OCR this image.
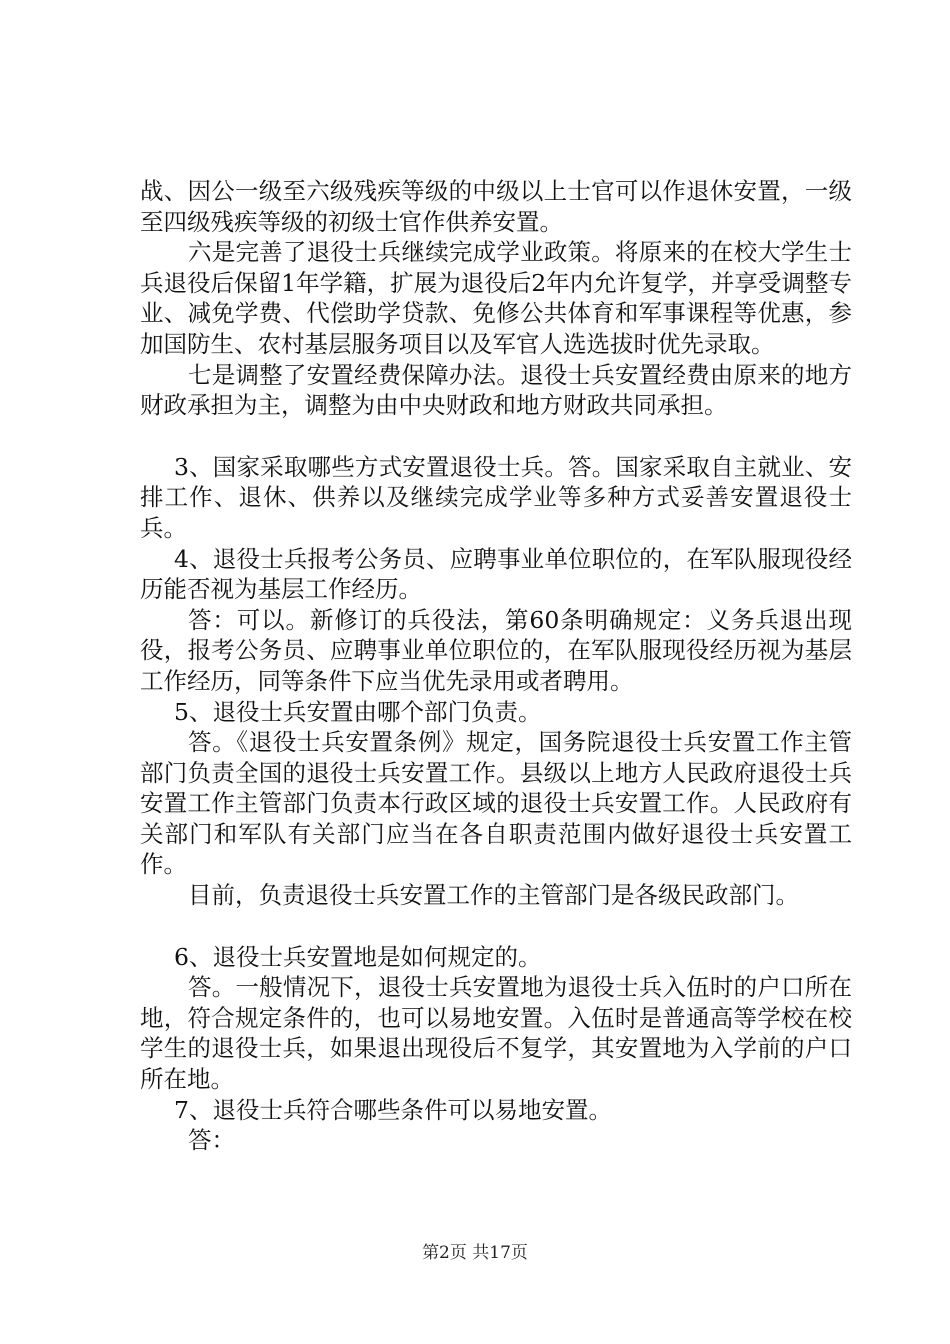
战、因公一级至六级残疾等级的中级以上士官可以作退休安置，一级至四级残疾等级的初级士官作供养安置。

六是完善了退役士兵继续完成学业政策。将原来的在校大学生士兵退役后保留1年学籍，扩展为退役后2年内允许复学，并享受调整专业、减免学费、代偿助学贷款、免修公共体育和军事课程等优惠，参加国防生、农村基层服务项目以及军官人选选拔时优先录取。

七是调整了安置经费保障办法。退役士兵安置经费由原来的地方财政承担为主，调整为由中央财政和地方财政共同承担。

3、国家采取哪些方式安置退役士兵。答。国家采取自主就业、安排工作、退休、供养以及继续完成学业等多种方式妥善安置退役士兵。

4、退役士兵报考公务员、应聘事业单位职位的，在军队服现役经历能否视为基层工作经历。

答：可以。新修订的兵役法，第60条明确规定：义务兵退出现役，报考公务员、应聘事业单位职位的，在军队服现役经历视为基层工作经历，同等条件下应当优先录用或者聘用。

5、退役士兵安置由哪个部门负责。

答。《退役士兵安置条例》规定，国务院退役士兵安置工作主管部门负责全国的退役士兵安置工作。县级以上地方人民政府退役士兵安置工作主管部门负责本行政区域的退役士兵安置工作。人民政府有关部门和军队有关部门应当在各自职责范围内做好退役士兵安置工作。

目前，负责退役士兵安置工作的主管部门是各级民政部门。

6、退役士兵安置地是如何规定的。

答。一般情况下，退役士兵安置地为退役士兵入伍时的户口所在地，符合规定条件的，也可以易地安置。入伍时是普通高等学校在校学生的退役士兵，如果退出现役后不复学，其安置地为入学前的户口所在地。

7、退役士兵符合哪些条件可以易地安置。

答：

第2页 共17页
